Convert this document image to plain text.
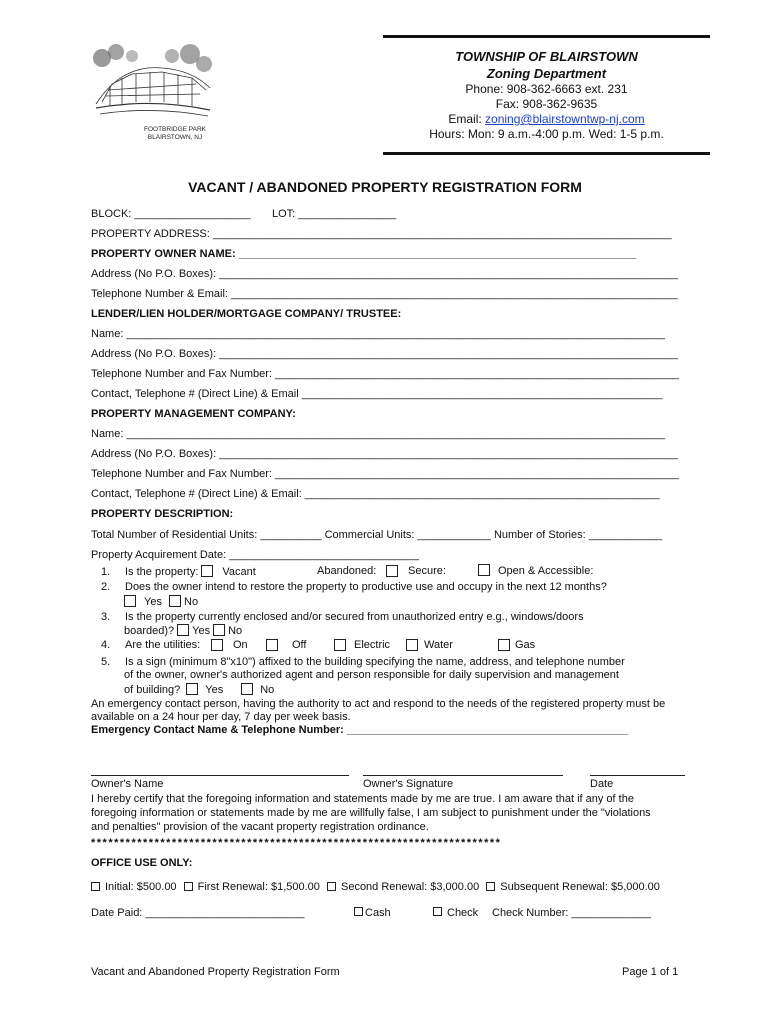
FOOTBRIDGE PARK
BLAIRSTOWN, NJ
TOWNSHIP OF BLAIRSTOWN
Zoning Department
Phone: 908-362-6663 ext. 231
Fax: 908-362-9635
Email: zoning@blairstowntwp-nj.com
Hours: Mon: 9 a.m.-4:00 p.m. Wed: 1-5 p.m.
VACANT / ABANDONED PROPERTY REGISTRATION FORM
BLOCK: ___________________ LOT: ________________
PROPERTY ADDRESS: ___________________________________________________________________________
PROPERTY OWNER NAME: _________________________________________________________________
Address (No P.O. Boxes): ___________________________________________________________________________
Telephone Number & Email: _________________________________________________________________________
LENDER/LIEN HOLDER/MORTGAGE COMPANY/ TRUSTEE:
Name: ________________________________________________________________________________________
Address (No P.O. Boxes): ___________________________________________________________________________
Telephone Number and Fax Number: __________________________________________________________________
Contact, Telephone # (Direct Line) & Email ___________________________________________________________
PROPERTY MANAGEMENT COMPANY:
Name: ________________________________________________________________________________________
Address (No P.O. Boxes): ___________________________________________________________________________
Telephone Number and Fax Number: __________________________________________________________________
Contact, Telephone # (Direct Line) & Email: __________________________________________________________
PROPERTY DESCRIPTION:
Total Number of Residential Units: __________ Commercial Units: ____________ Number of Stories: ____________
Property Acquirement Date: _______________________________
1. Is the property: Vacant	Abandoned:	Secure:	Open & Accessible:
2. Does the owner intend to restore the property to productive use and occupy in the next 12 months?
Yes No
3. Is the property currently enclosed and/or secured from unauthorized entry e.g., windows/doors
boarded)? Yes No
4. Are the utilities:	On	Off	Electric	Water	Gas
5. Is a sign (minimum 8"x10") affixed to the building specifying the name, address, and telephone number
of the owner, owner's authorized agent and person responsible for daily supervision and management
of building? Yes	No
An emergency contact person, having the authority to act and respond to the needs of the registered property must be
available on a 24 hour per day, 7 day per week basis.
Emergency Contact Name & Telephone Number: ______________________________________________
Owner's Name	Owner's Signature	Date
I hereby certify that the foregoing information and statements made by me are true. I am aware that if any of the
foregoing information or statements made by me are willfully false, I am subject to punishment under the "violations
and penalties" provision of the vacant property registration ordinance.
***********************************************************************
OFFICE USE ONLY:
Initial: $500.00 First Renewal: $1,500.00 Second Renewal: $3,000.00 Subsequent Renewal: $5,000.00
Date Paid: __________________________	Cash	Check Check Number: _____________
Vacant and Abandoned Property Registration Form	Page 1 of 1
